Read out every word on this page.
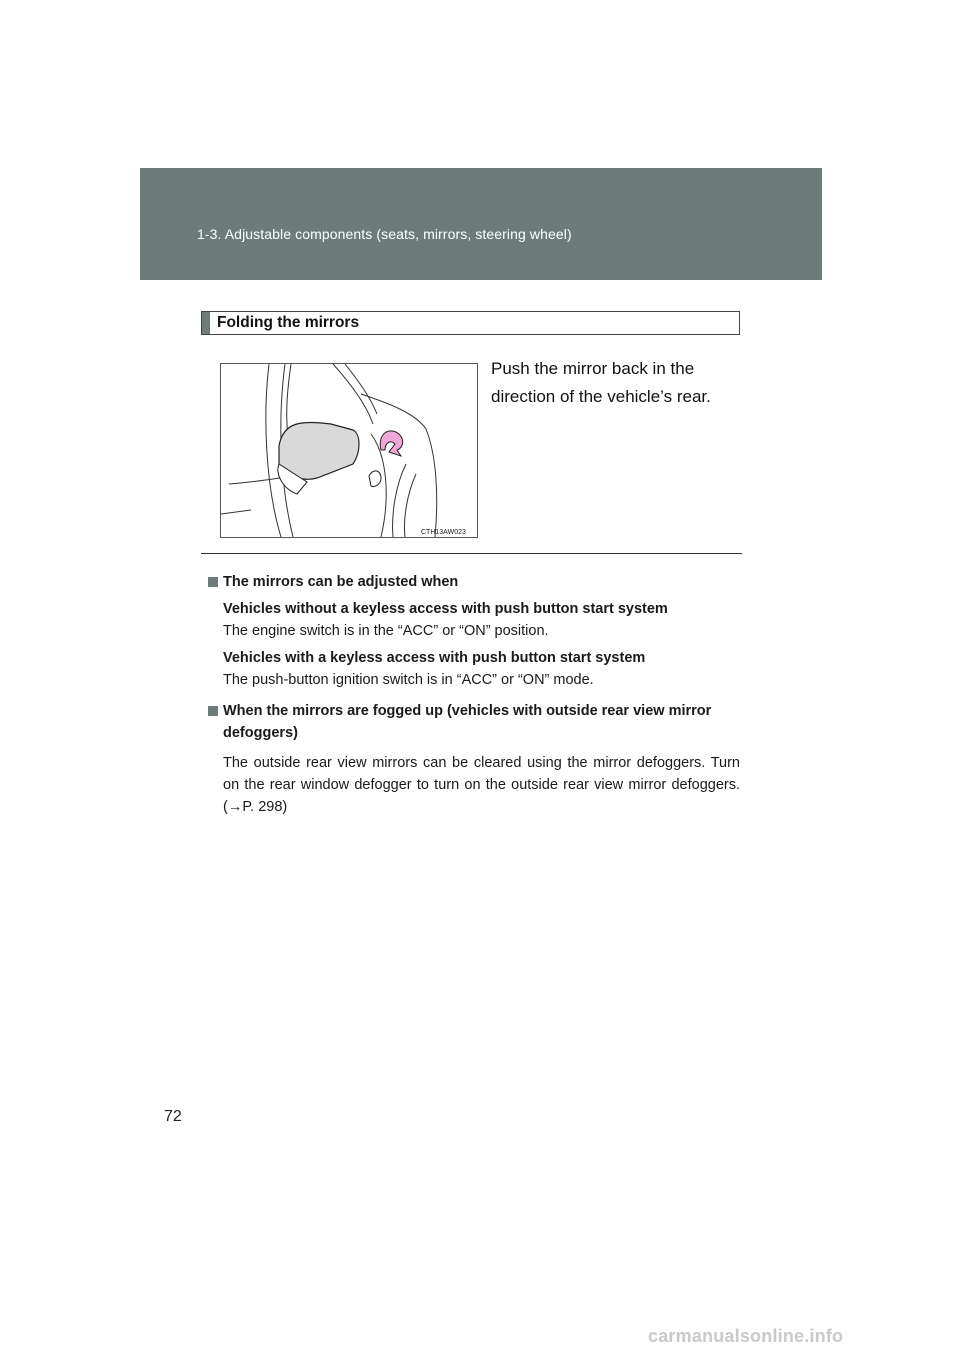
1-3. Adjustable components (seats, mirrors, steering wheel)
Folding the mirrors
CTH13AW023
Push the mirror back in the direction of the vehicle’s rear.
The mirrors can be adjusted when
Vehicles without a keyless access with push button start system
The engine switch is in the “ACC” or “ON” position.
Vehicles with a keyless access with push button start system
The push-button ignition switch is in “ACC” or “ON” mode.
When the mirrors are fogged up (vehicles with outside rear view mirror defoggers)
The outside rear view mirrors can be cleared using the mirror defoggers. Turn on the rear window defogger to turn on the outside rear view mirror defoggers. (→P. 298)
72
carmanualsonline.info
